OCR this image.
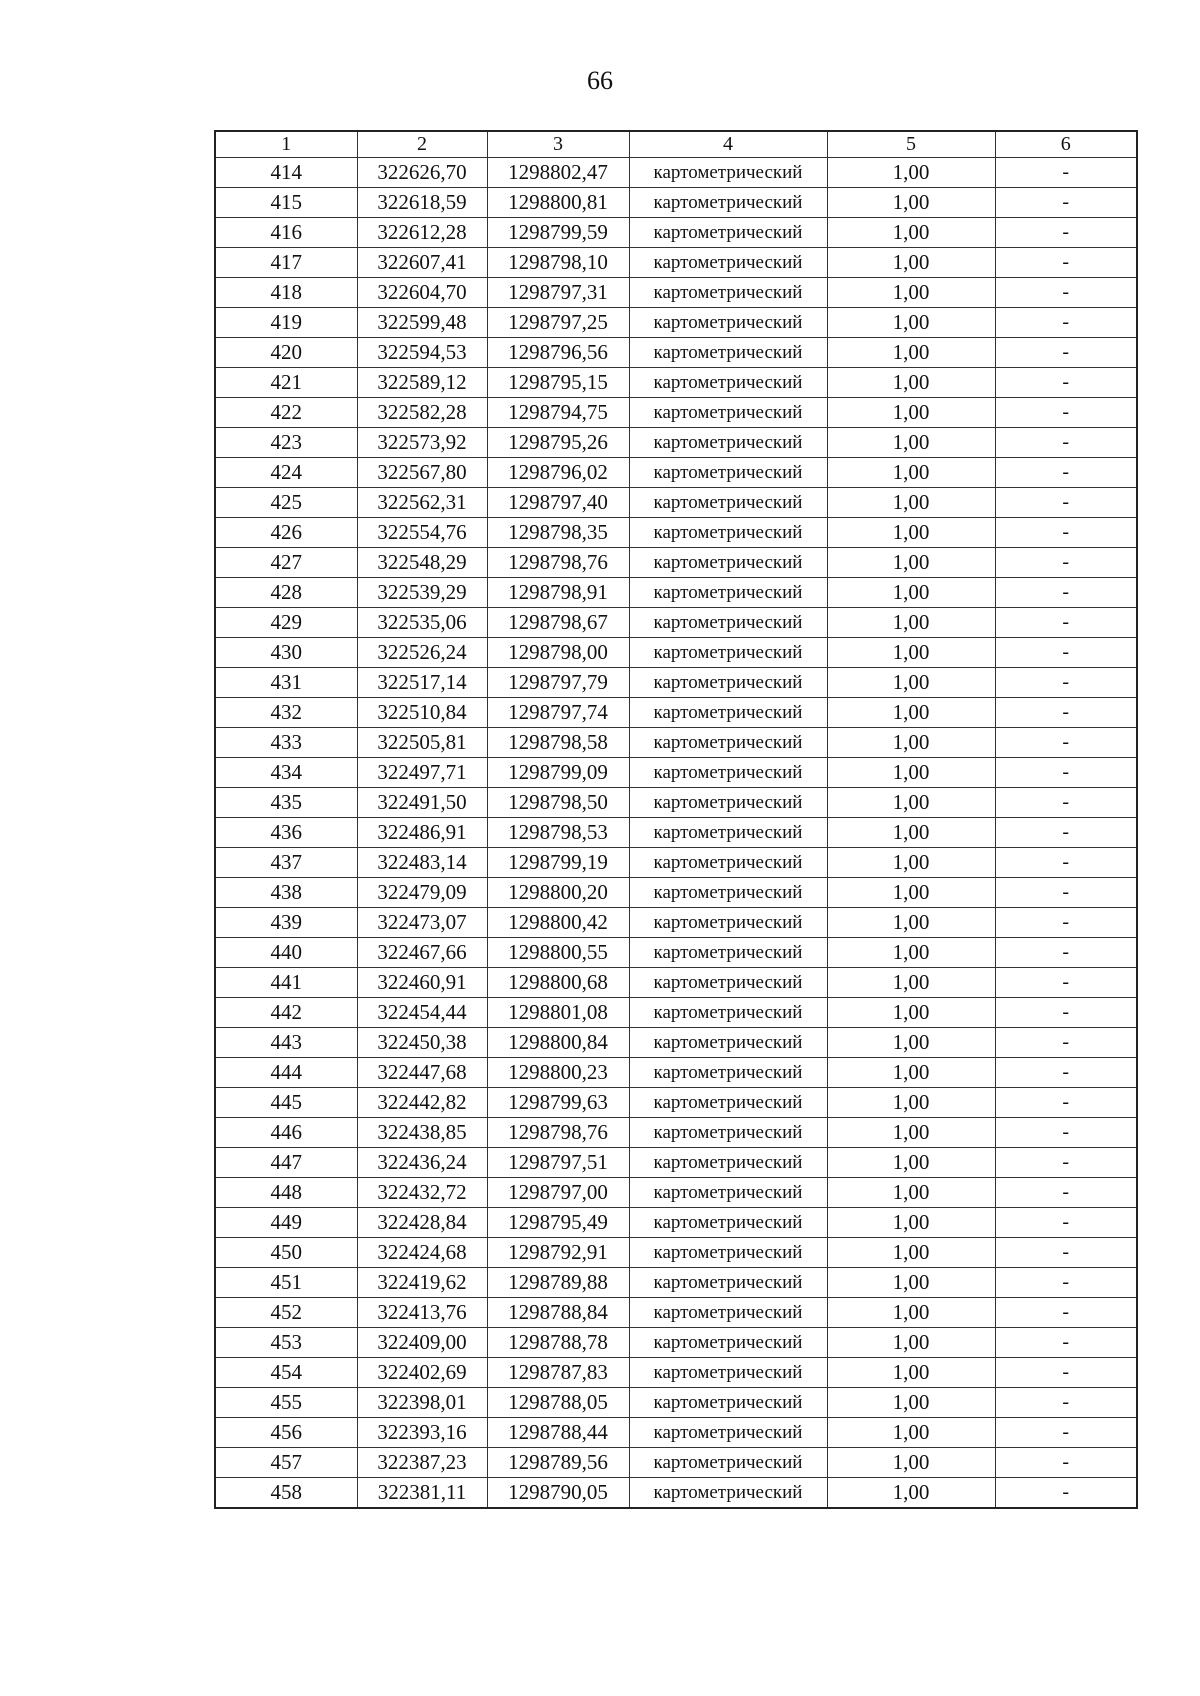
66
1	2	3	4	5	6
414	322626,70	1298802,47	картометрический	1,00	-
415	322618,59	1298800,81	картометрический	1,00	-
416	322612,28	1298799,59	картометрический	1,00	-
417	322607,41	1298798,10	картометрический	1,00	-
418	322604,70	1298797,31	картометрический	1,00	-
419	322599,48	1298797,25	картометрический	1,00	-
420	322594,53	1298796,56	картометрический	1,00	-
421	322589,12	1298795,15	картометрический	1,00	-
422	322582,28	1298794,75	картометрический	1,00	-
423	322573,92	1298795,26	картометрический	1,00	-
424	322567,80	1298796,02	картометрический	1,00	-
425	322562,31	1298797,40	картометрический	1,00	-
426	322554,76	1298798,35	картометрический	1,00	-
427	322548,29	1298798,76	картометрический	1,00	-
428	322539,29	1298798,91	картометрический	1,00	-
429	322535,06	1298798,67	картометрический	1,00	-
430	322526,24	1298798,00	картометрический	1,00	-
431	322517,14	1298797,79	картометрический	1,00	-
432	322510,84	1298797,74	картометрический	1,00	-
433	322505,81	1298798,58	картометрический	1,00	-
434	322497,71	1298799,09	картометрический	1,00	-
435	322491,50	1298798,50	картометрический	1,00	-
436	322486,91	1298798,53	картометрический	1,00	-
437	322483,14	1298799,19	картометрический	1,00	-
438	322479,09	1298800,20	картометрический	1,00	-
439	322473,07	1298800,42	картометрический	1,00	-
440	322467,66	1298800,55	картометрический	1,00	-
441	322460,91	1298800,68	картометрический	1,00	-
442	322454,44	1298801,08	картометрический	1,00	-
443	322450,38	1298800,84	картометрический	1,00	-
444	322447,68	1298800,23	картометрический	1,00	-
445	322442,82	1298799,63	картометрический	1,00	-
446	322438,85	1298798,76	картометрический	1,00	-
447	322436,24	1298797,51	картометрический	1,00	-
448	322432,72	1298797,00	картометрический	1,00	-
449	322428,84	1298795,49	картометрический	1,00	-
450	322424,68	1298792,91	картометрический	1,00	-
451	322419,62	1298789,88	картометрический	1,00	-
452	322413,76	1298788,84	картометрический	1,00	-
453	322409,00	1298788,78	картометрический	1,00	-
454	322402,69	1298787,83	картометрический	1,00	-
455	322398,01	1298788,05	картометрический	1,00	-
456	322393,16	1298788,44	картометрический	1,00	-
457	322387,23	1298789,56	картометрический	1,00	-
458	322381,11	1298790,05	картометрический	1,00	-
